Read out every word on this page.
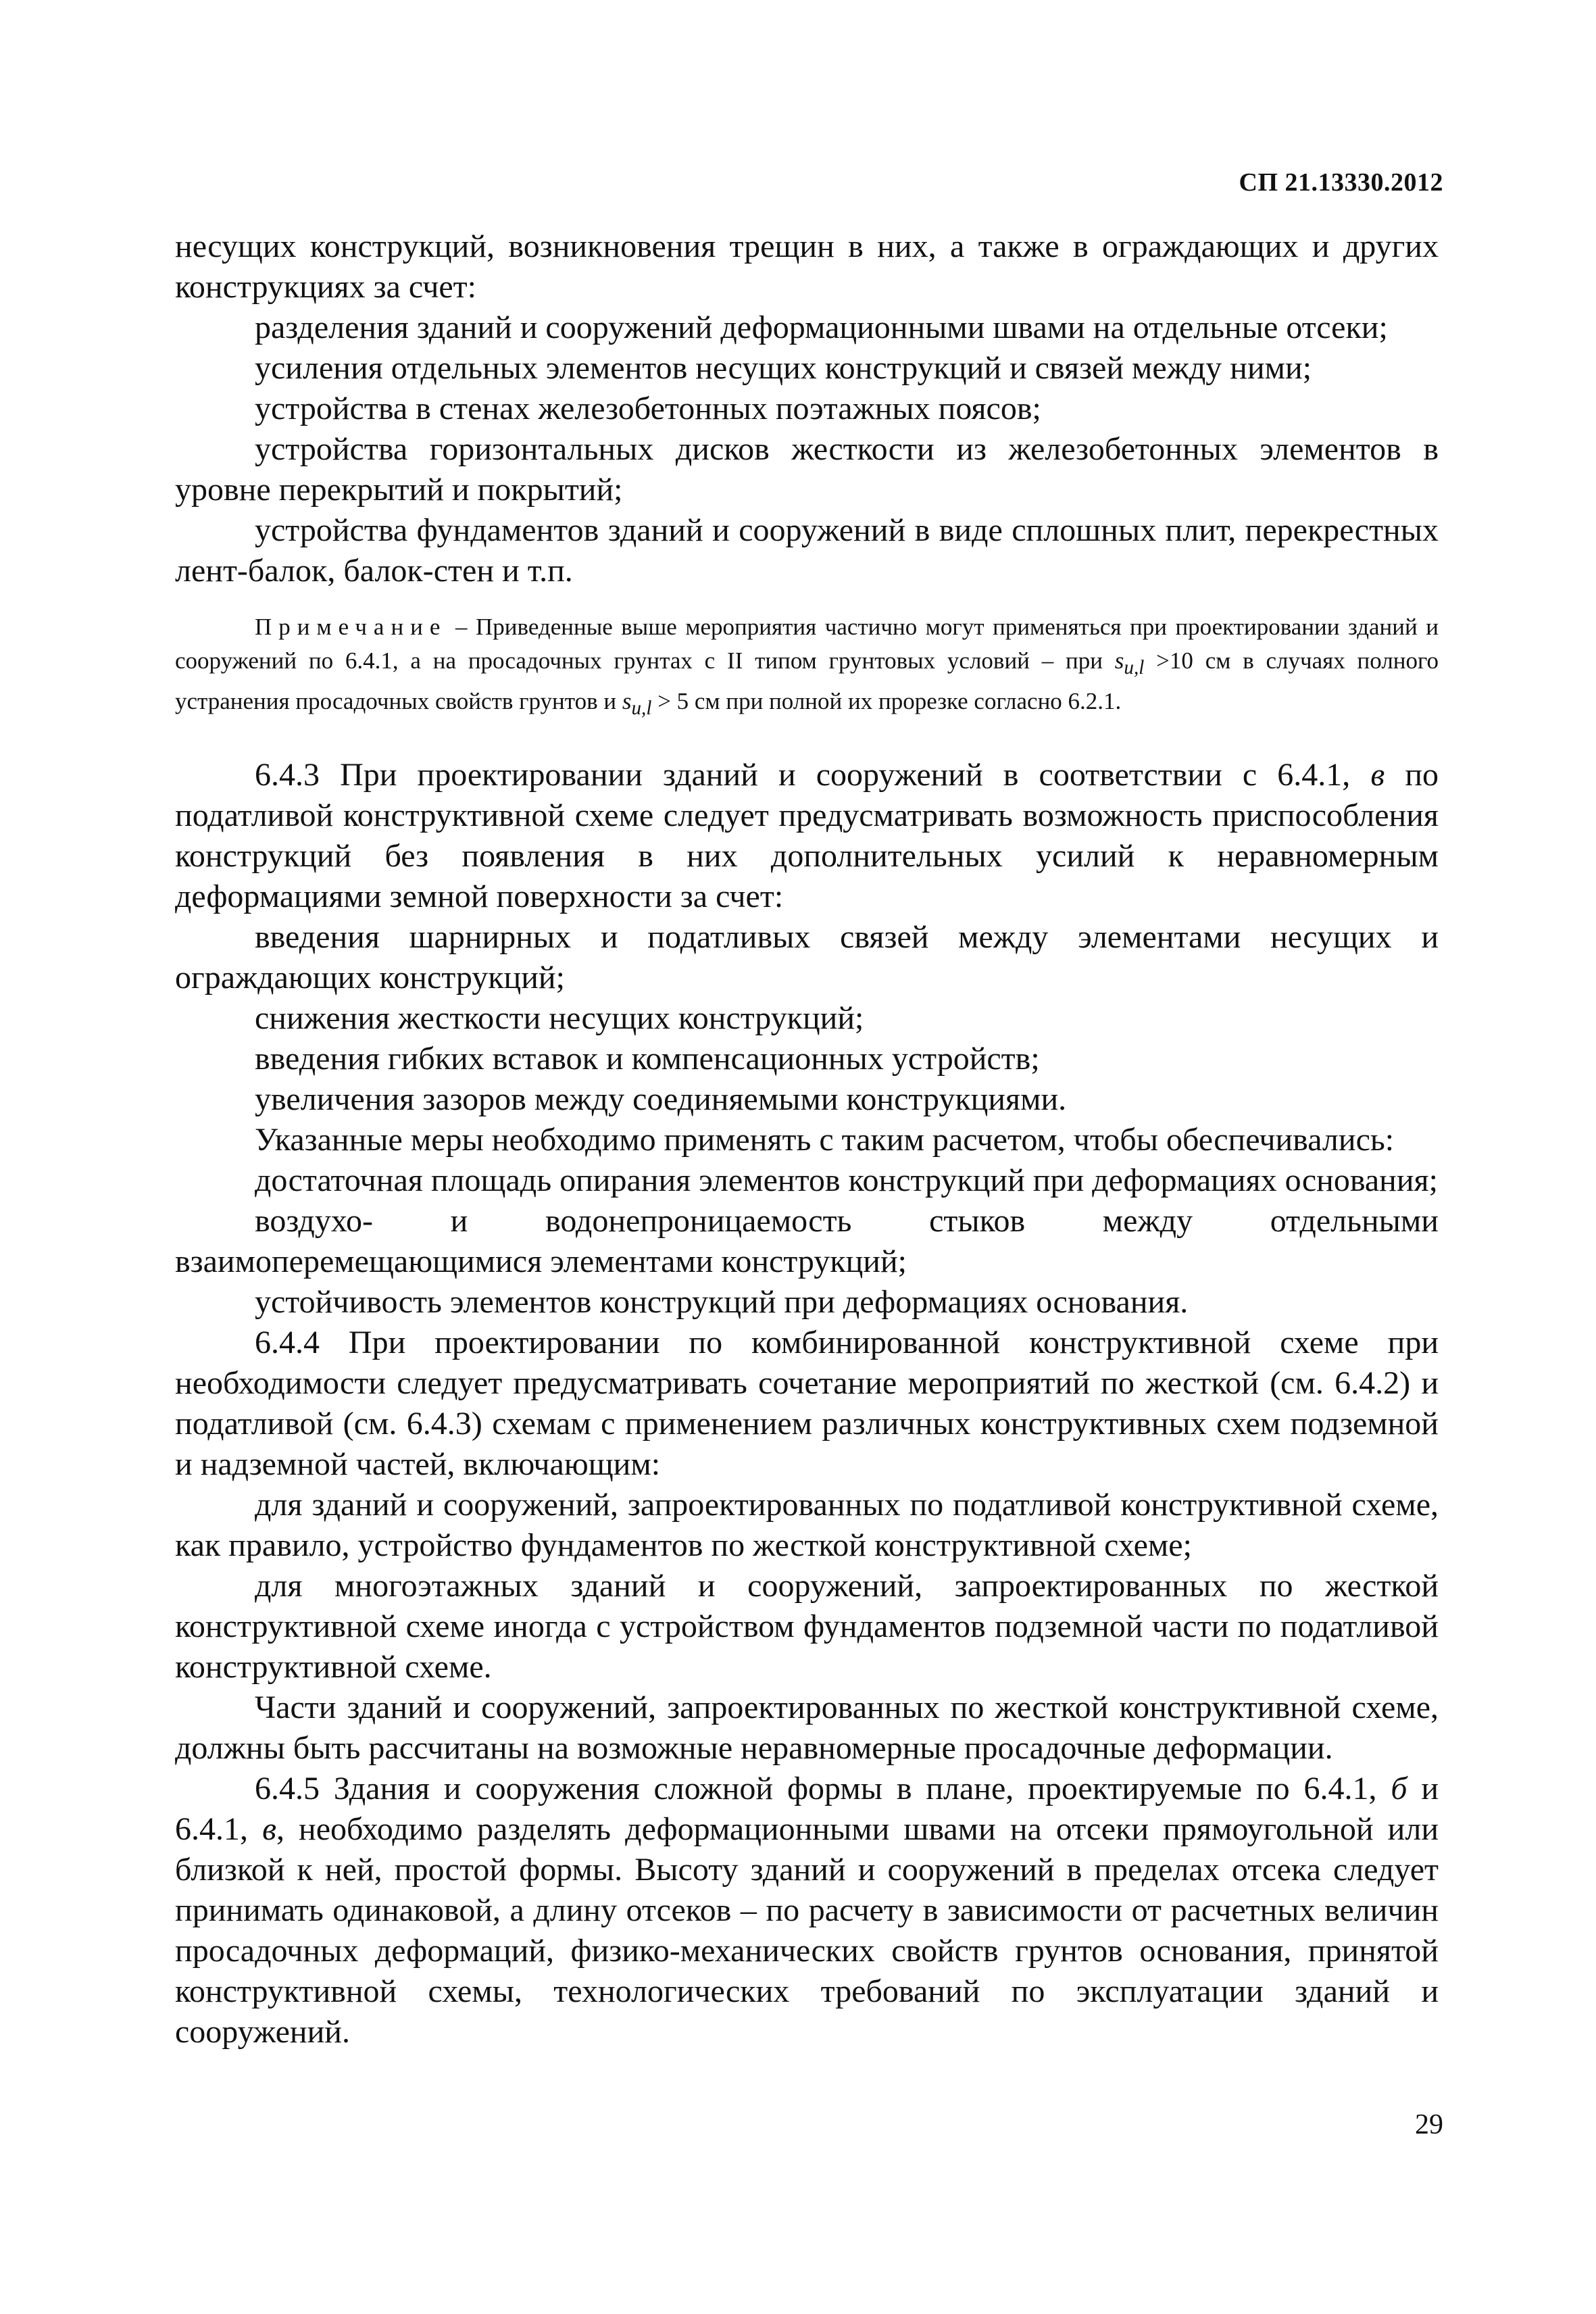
СП 21.13330.2012

несущих конструкций, возникновения трещин в них, а также в ограждающих и других конструкциях за счет:

разделения зданий и сооружений деформационными швами на отдельные отсеки;

усиления отдельных элементов несущих конструкций и связей между ними;

устройства в стенах железобетонных поэтажных поясов;

устройства горизонтальных дисков жесткости из железобетонных элементов в уровне перекрытий и покрытий;

устройства фундаментов зданий и сооружений в виде сплошных плит, перекрестных лент-балок, балок-стен и т.п.

Примечание – Приведенные выше мероприятия частично могут применяться при проектировании зданий и сооружений по 6.4.1, а на просадочных грунтах с II типом грунтовых условий – при $s_{u,l} >10$ см в случаях полного устранения просадочных свойств грунтов и $s_{u,l} > 5$ см при полной их прорезке согласно 6.2.1.

6.4.3 При проектировании зданий и сооружений в соответствии с 6.4.1, в по податливой конструктивной схеме следует предусматривать возможность приспособления конструкций без появления в них дополнительных усилий к неравномерным деформациями земной поверхности за счет:

введения шарнирных и податливых связей между элементами несущих и ограждающих конструкций;

снижения жесткости несущих конструкций;

введения гибких вставок и компенсационных устройств;

увеличения зазоров между соединяемыми конструкциями.

Указанные меры необходимо применять с таким расчетом, чтобы обеспечивались:

достаточная площадь опирания элементов конструкций при деформациях основания;

воздухо- и водонепроницаемость стыков между отдельными взаимоперемещающимися элементами конструкций;

устойчивость элементов конструкций при деформациях основания.

6.4.4 При проектировании по комбинированной конструктивной схеме при необходимости следует предусматривать сочетание мероприятий по жесткой (см. 6.4.2) и податливой (см. 6.4.3) схемам с применением различных конструктивных схем подземной и надземной частей, включающим:

для зданий и сооружений, запроектированных по податливой конструктивной схеме, как правило, устройство фундаментов по жесткой конструктивной схеме;

для многоэтажных зданий и сооружений, запроектированных по жесткой конструктивной схеме иногда с устройством фундаментов подземной части по податливой конструктивной схеме.

Части зданий и сооружений, запроектированных по жесткой конструктивной схеме, должны быть рассчитаны на возможные неравномерные просадочные деформации.

6.4.5 Здания и сооружения сложной формы в плане, проектируемые по 6.4.1, б и 6.4.1, в, необходимо разделять деформационными швами на отсеки прямоугольной или близкой к ней, простой формы. Высоту зданий и сооружений в пределах отсека следует принимать одинаковой, а длину отсеков – по расчету в зависимости от расчетных величин просадочных деформаций, физико-механических свойств грунтов основания, принятой конструктивной схемы, технологических требований по эксплуатации зданий и сооружений.

29
